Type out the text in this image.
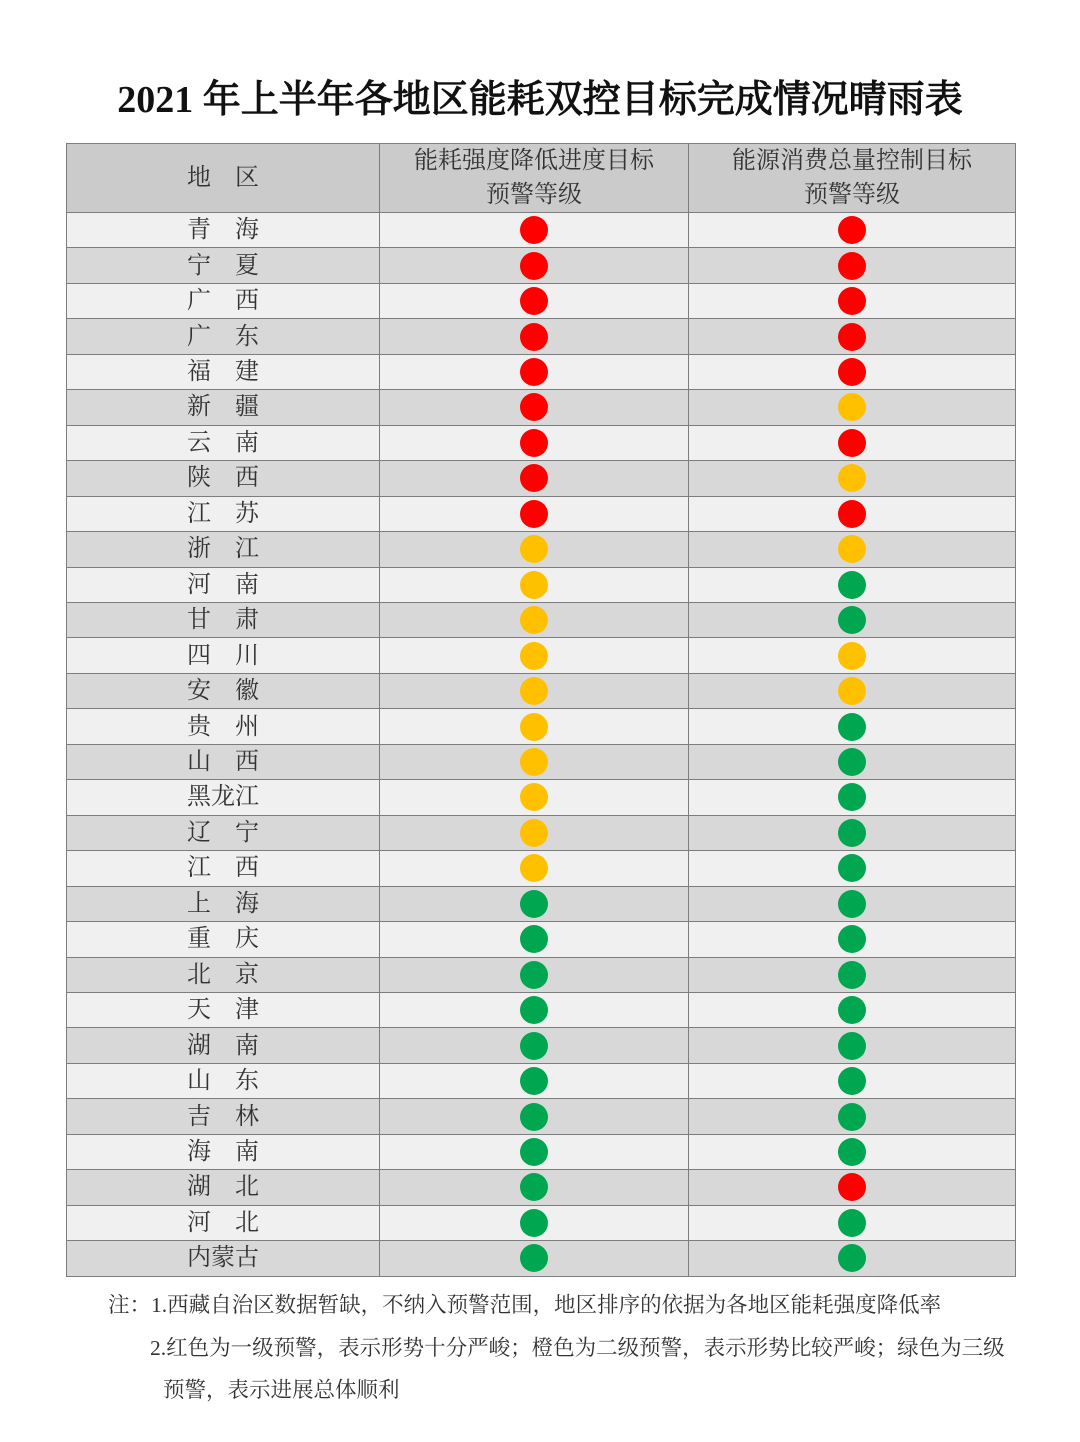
2021 年上半年各地区能耗双控目标完成情况晴雨表
地区
能耗强度降低进度目标
预警等级
能源消费总量控制目标
预警等级
青海
宁夏
广西
广东
福建
新疆
云南
陕西
江苏
浙江
河南
甘肃
四川
安徽
贵州
山西
黑龙江
辽宁
江西
上海
重庆
北京
天津
湖南
山东
吉林
海南
湖北
河北
内蒙古
注：1.西藏自治区数据暂缺，不纳入预警范围，地区排序的依据为各地区能耗强度降低率
2.红色为一级预警，表示形势十分严峻；橙色为二级预警，表示形势比较严峻；绿色为三级
预警，表示进展总体顺利
